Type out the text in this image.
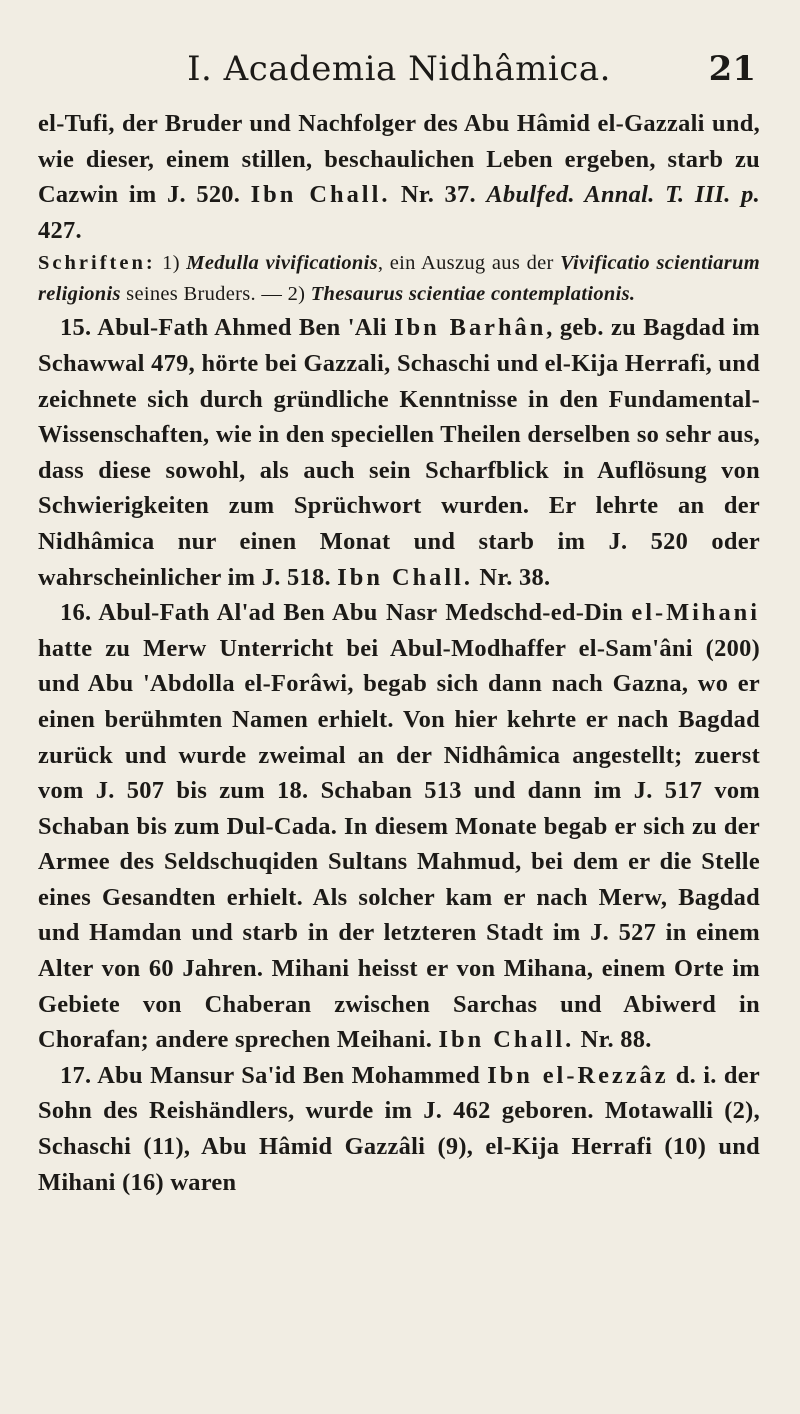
I. Academia Nidhâmica.	21

el-Tufi, der Bruder und Nachfolger des Abu Hâmid el-Gazzali und, wie dieser, einem stillen, beschaulichen Leben ergeben, starb zu Cazwin im J. 520. Ibn Chall. Nr. 37. Abulfed. Annal. T. III. p. 427.

Schriften: 1) Medulla vivificationis, ein Auszug aus der Vivificatio scientiarum religionis seines Bruders. — 2) Thesaurus scientiae contemplationis.

15. Abul-Fath Ahmed Ben 'Ali Ibn Barhân, geb. zu Bagdad im Schawwal 479, hörte bei Gazzali, Schaschi und el-Kija Herrafi, und zeichnete sich durch gründliche Kenntnisse in den Fundamental-Wissenschaften, wie in den speciellen Theilen derselben so sehr aus, dass diese sowohl, als auch sein Scharfblick in Auflösung von Schwierigkeiten zum Sprüchwort wurden. Er lehrte an der Nidhâmica nur einen Monat und starb im J. 520 oder wahrscheinlicher im J. 518. Ibn Chall. Nr. 38.

16. Abul-Fath Al'ad Ben Abu Nasr Medschd-ed-Din el-Mihani hatte zu Merw Unterricht bei Abul-Modhaffer el-Sam'âni (200) und Abu 'Abdolla el-Forâwi, begab sich dann nach Gazna, wo er einen berühmten Namen erhielt. Von hier kehrte er nach Bagdad zurück und wurde zweimal an der Nidhâmica angestellt; zuerst vom J. 507 bis zum 18. Schaban 513 und dann im J. 517 vom Schaban bis zum Dul-Cada. In diesem Monate begab er sich zu der Armee des Seldschuqiden Sultans Mahmud, bei dem er die Stelle eines Gesandten erhielt. Als solcher kam er nach Merw, Bagdad und Hamdan und starb in der letzteren Stadt im J. 527 in einem Alter von 60 Jahren. Mihani heisst er von Mihana, einem Orte im Gebiete von Chaberan zwischen Sarchas und Abiwerd in Chorafan; andere sprechen Meihani. Ibn Chall. Nr. 88.

17. Abu Mansur Sa'id Ben Mohammed Ibn el-Rezzâz d. i. der Sohn des Reishändlers, wurde im J. 462 geboren. Motawalli (2), Schaschi (11), Abu Hâmid Gazzâli (9), el-Kija Herrafi (10) und Mihani (16) waren
